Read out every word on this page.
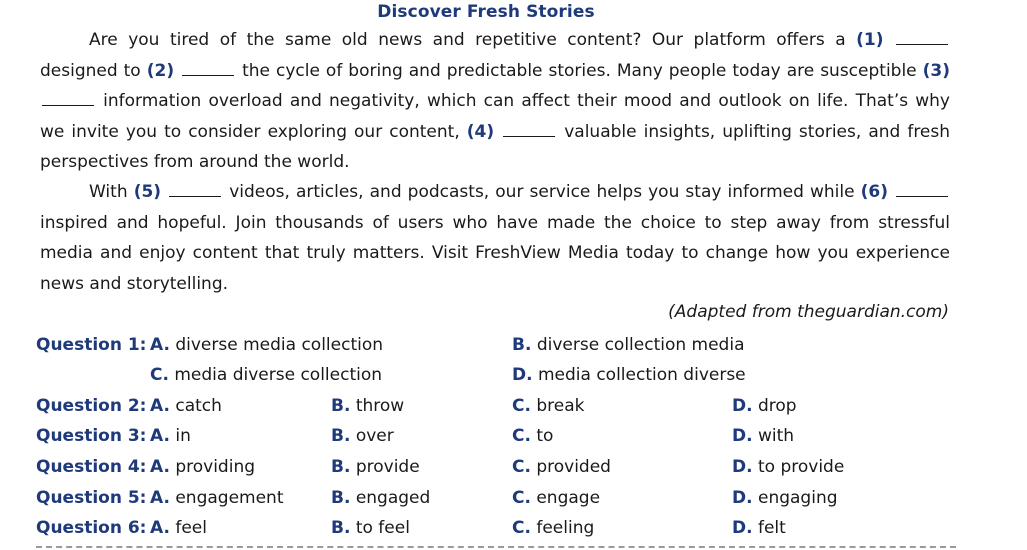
Discover Fresh Stories

Are you tired of the same old news and repetitive content? Our platform offers a (1)  designed to (2)	the cycle of boring and predictable stories. Many people today are susceptible (3)  information overload and negativity, which can affect their mood and outlook on life. That’s why we invite you to consider exploring our content, (4)	valuable insights, uplifting stories, and fresh perspectives from around the world.

With (5)	videos, articles, and podcasts, our service helps you stay informed while (6)  inspired and hopeful. Join thousands of users who have made the choice to step away from stressful media and enjoy content that truly matters. Visit FreshView Media today to change how you experience news and storytelling.

(Adapted from theguardian.com)
Question 1: A. diverse media collection	B. diverse collection media
C. media diverse collection	D. media collection diverse
Question 2: A. catch	B. throw	C. break	D. drop
Question 3: A. in	B. over	C. to	D. with
Question 4: A. providing	B. provide	C. provided	D. to provide
Question 5: A. engagement	B. engaged	C. engage	D. engaging
Question 6: A. feel	B. to feel	C. feeling	D. felt
